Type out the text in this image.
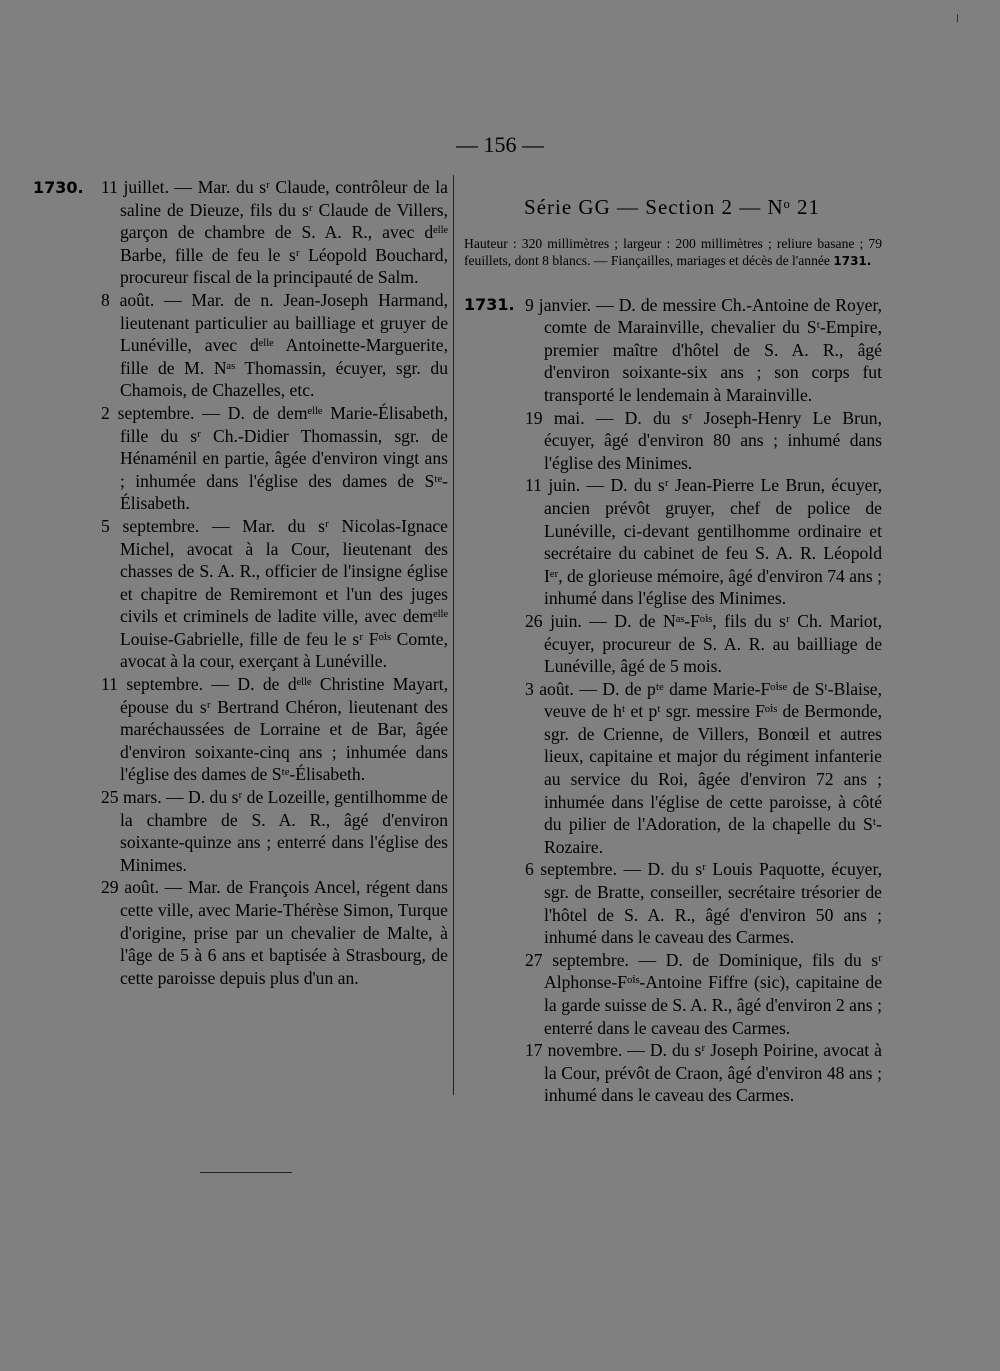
— 156 —
1730. 11 juillet. — Mar. du sʳ Claude, contrôleur de la saline de Dieuze, fils du sʳ Claude de Villers, garçon de chambre de S. A. R., avec dᵉˡˡᵉ Barbe, fille de feu le sʳ Léopold Bouchard, procureur fiscal de la principauté de Salm.
8 août. — Mar. de n. Jean-Joseph Harmand, lieutenant particulier au bailliage et gruyer de Lunéville, avec dᵉˡˡᵉ Antoinette-Marguerite, fille de M. Nᵃˢ Thomassin, écuyer, sgr. du Chamois, de Chazelles, etc.
2 septembre. — D. de demᵉˡˡᵉ Marie-Élisabeth, fille du sʳ Ch.-Didier Thomassin, sgr. de Hénaménil en partie, âgée d'environ vingt ans ; inhumée dans l'église des dames de Sᵗᵉ-Élisabeth.
5 septembre. — Mar. du sʳ Nicolas-Ignace Michel, avocat à la Cour, lieutenant des chasses de S. A. R., officier de l'insigne église et chapitre de Remiremont et l'un des juges civils et criminels de ladite ville, avec demᵉˡˡᵉ Louise-Gabrielle, fille de feu le sʳ Fᵒⁱˢ Comte, avocat à la cour, exerçant à Lunéville.
11 septembre. — D. de dᵉˡˡᵉ Christine Mayart, épouse du sʳ Bertrand Chéron, lieutenant des maréchaussées de Lorraine et de Bar, âgée d'environ soixante-cinq ans ; inhumée dans l'église des dames de Sᵗᵉ-Élisabeth.
25 mars. — D. du sʳ de Lozeille, gentilhomme de la chambre de S. A. R., âgé d'environ soixante-quinze ans ; enterré dans l'église des Minimes.
29 août. — Mar. de François Ancel, régent dans cette ville, avec Marie-Thérèse Simon, Turque d'origine, prise par un chevalier de Malte, à l'âge de 5 à 6 ans et baptisée à Strasbourg, de cette paroisse depuis plus d'un an.
Série GG — Section 2 — Nᵒ 21
Hauteur : 320 millimètres ; largeur : 200 millimètres ; reliure basane ; 79 feuillets, dont 8 blancs. — Fiançailles, mariages et décès de l'année 1731.
1731. 9 janvier. — D. de messire Ch.-Antoine de Royer, comte de Marainville, chevalier du Sᵗ-Empire, premier maître d'hôtel de S. A. R., âgé d'environ soixante-six ans ; son corps fut transporté le lendemain à Marainville.
19 mai. — D. du sʳ Joseph-Henry Le Brun, écuyer, âgé d'environ 80 ans ; inhumé dans l'église des Minimes.
11 juin. — D. du sʳ Jean-Pierre Le Brun, écuyer, ancien prévôt gruyer, chef de police de Lunéville, ci-devant gentilhomme ordinaire et secrétaire du cabinet de feu S. A. R. Léopold Iᵉʳ, de glorieuse mémoire, âgé d'environ 74 ans ; inhumé dans l'église des Minimes.
26 juin. — D. de Nᵃˢ-Fᵒⁱˢ, fils du sʳ Ch. Mariot, écuyer, procureur de S. A. R. au bailliage de Lunéville, âgé de 5 mois.
3 août. — D. de pᵗᵉ dame Marie-Fᵒⁱˢᵉ de Sᵗ-Blaise, veuve de hᵗ et pᵗ sgr. messire Fᵒⁱˢ de Bermonde, sgr. de Crienne, de Villers, Bonœil et autres lieux, capitaine et major du régiment infanterie au service du Roi, âgée d'environ 72 ans ; inhumée dans l'église de cette paroisse, à côté du pilier de l'Adoration, de la chapelle du Sᵗ-Rozaire.
6 septembre. — D. du sʳ Louis Paquotte, écuyer, sgr. de Bratte, conseiller, secrétaire trésorier de l'hôtel de S. A. R., âgé d'environ 50 ans ; inhumé dans le caveau des Carmes.
27 septembre. — D. de Dominique, fils du sʳ Alphonse-Fᵒⁱˢ-Antoine Fiffre (sic), capitaine de la garde suisse de S. A. R., âgé d'environ 2 ans ; enterré dans le caveau des Carmes.
17 novembre. — D. du sʳ Joseph Poirine, avocat à la Cour, prévôt de Craon, âgé d'environ 48 ans ; inhumé dans le caveau des Carmes.
